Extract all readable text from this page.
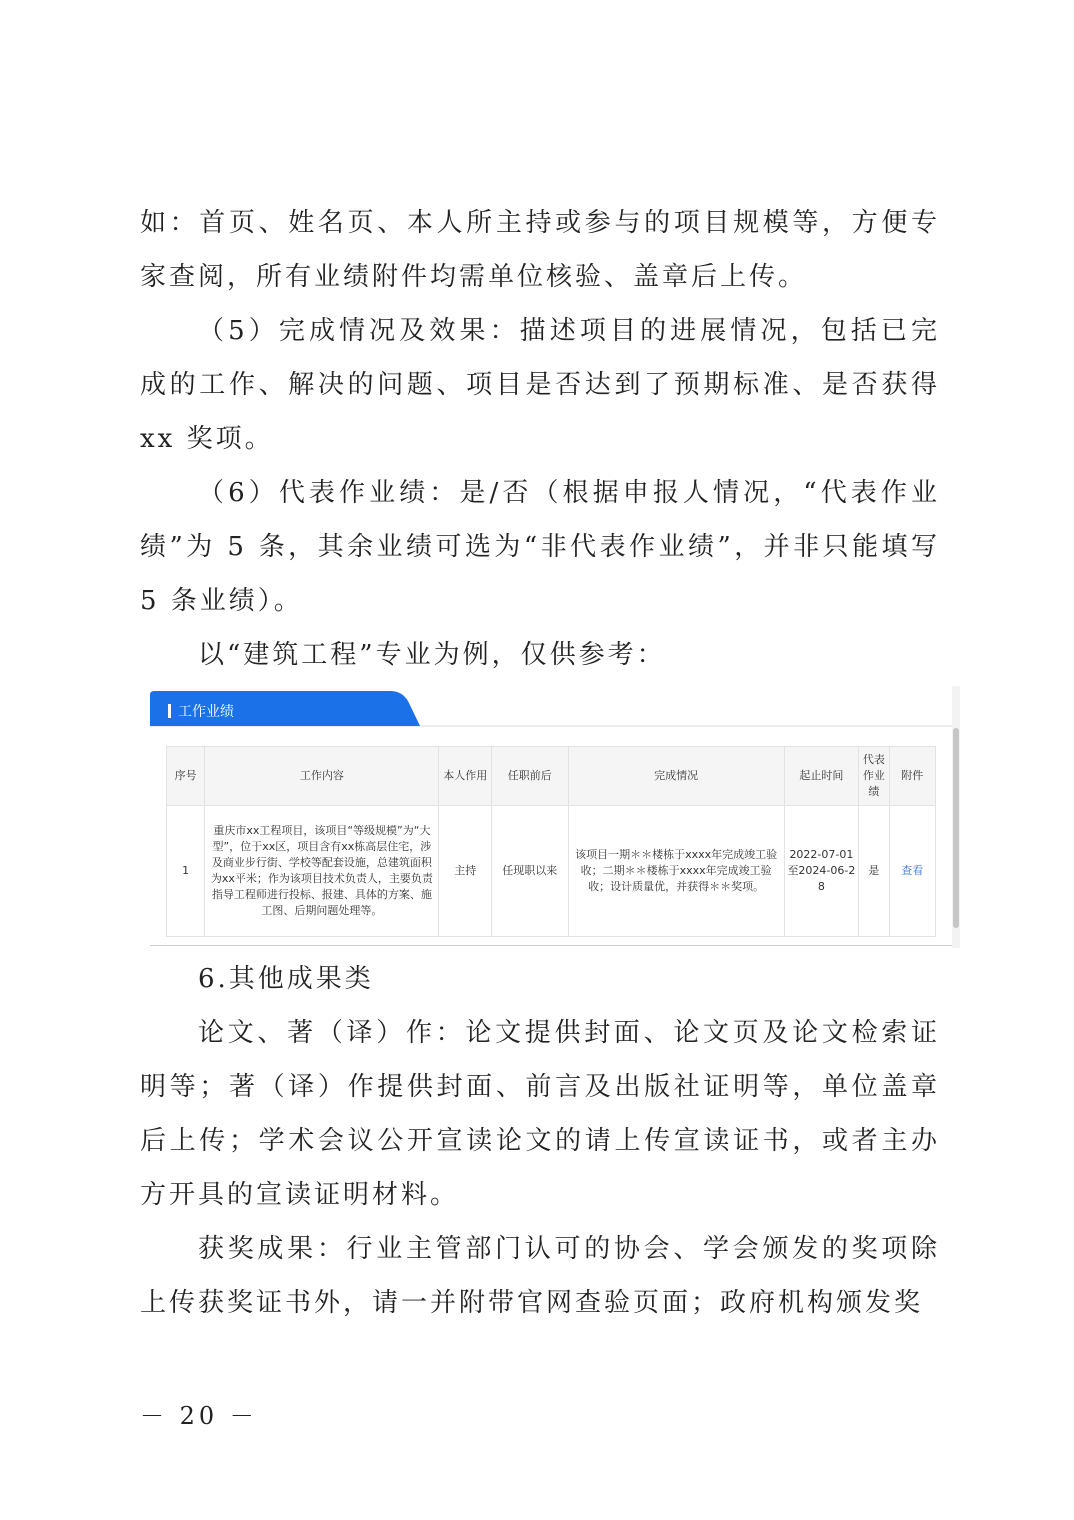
如：首页、姓名页、本人所主持或参与的项目规模等，方便专家查阅，所有业绩附件均需单位核验、盖章后上传。

（5）完成情况及效果：描述项目的进展情况，包括已完成的工作、解决的问题、项目是否达到了预期标准、是否获得 xx 奖项。

（6）代表作业绩：是/否（根据申报人情况，“代表作业绩”为 5 条，其余业绩可选为“非代表作业绩”，并非只能填写 5 条业绩）。

以“建筑工程”专业为例，仅供参考：

工作业绩
序号	工作内容	本人作用	任职前后	完成情况	起止时间	代表作业绩	附件
1	重庆市xx工程项目，该项目“等级规模”为“大型”，位于xx区，项目含有xx栋高层住宅，涉及商业步行街、学校等配套设施，总建筑面积为xx平米；作为该项目技术负责人，主要负责指导工程师进行投标、报建、具体的方案、施工图、后期问题处理等。	主持	任现职以来	该项目一期＊＊楼栋于xxxx年完成竣工验收；二期＊＊楼栋于xxxx年完成竣工验收；设计质量优，并获得＊＊奖项。	2022-07-01至2024-06-28	是	查看

6.其他成果类

论文、著（译）作：论文提供封面、论文页及论文检索证明等；著（译）作提供封面、前言及出版社证明等，单位盖章后上传；学术会议公开宣读论文的请上传宣读证书，或者主办方开具的宣读证明材料。

获奖成果：行业主管部门认可的协会、学会颁发的奖项除上传获奖证书外，请一并附带官网查验页面；政府机构颁发奖

－ 20 －
